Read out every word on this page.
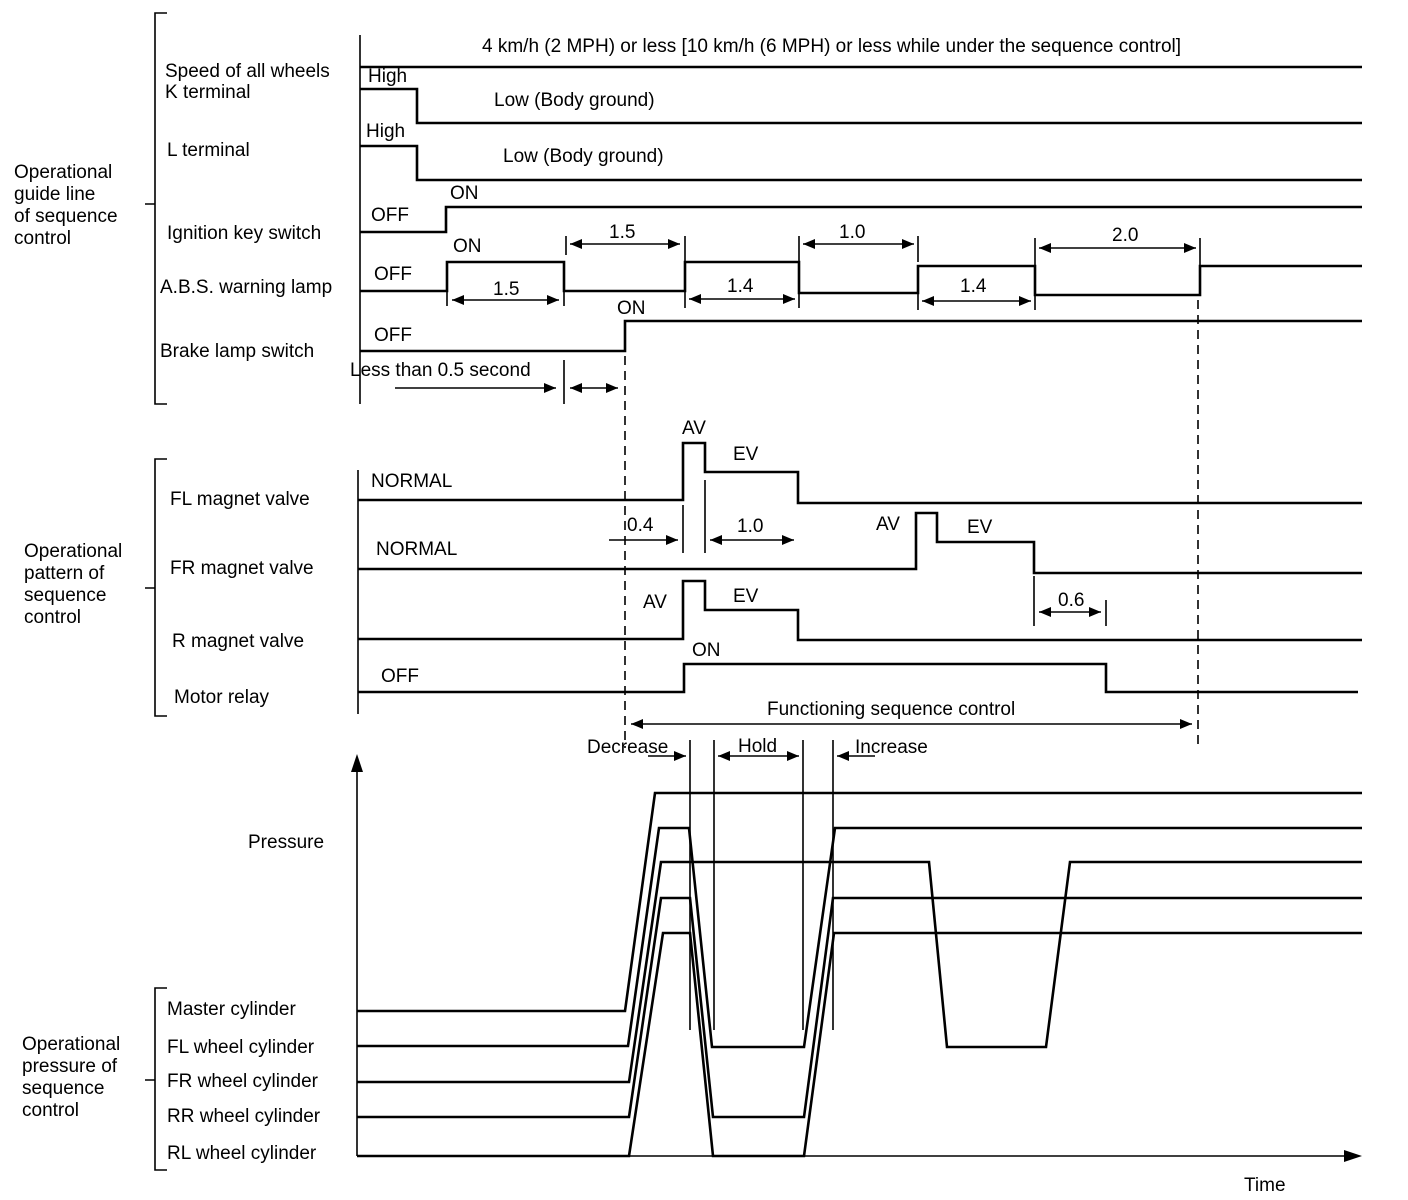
Operational
guide line
of sequence
control
Operational
pattern of
sequence
control
Operational
pressure of
sequence
control
Speed of all wheels
K terminal
L terminal
Ignition key switch
A.B.S. warning lamp
Brake lamp switch
FL magnet valve
FR magnet valve
R magnet valve
Motor relay
Pressure
Master cylinder
FL wheel cylinder
FR wheel cylinder
RR wheel cylinder
RL wheel cylinder
Time
4 km/h (2 MPH) or less [10 km/h (6 MPH) or less while under the sequence control]
High
Low (Body ground)
High
Low (Body ground)
OFF
ON
OFF
ON
1.5
1.5
1.4
1.0
1.4
2.0
OFF
ON
Less than 0.5 second
NORMAL
AV
EV
0.4	1.0
NORMAL
AV	EV
0.6
AV	EV
OFF
ON
Functioning sequence control
Decrease	Hold	Increase
